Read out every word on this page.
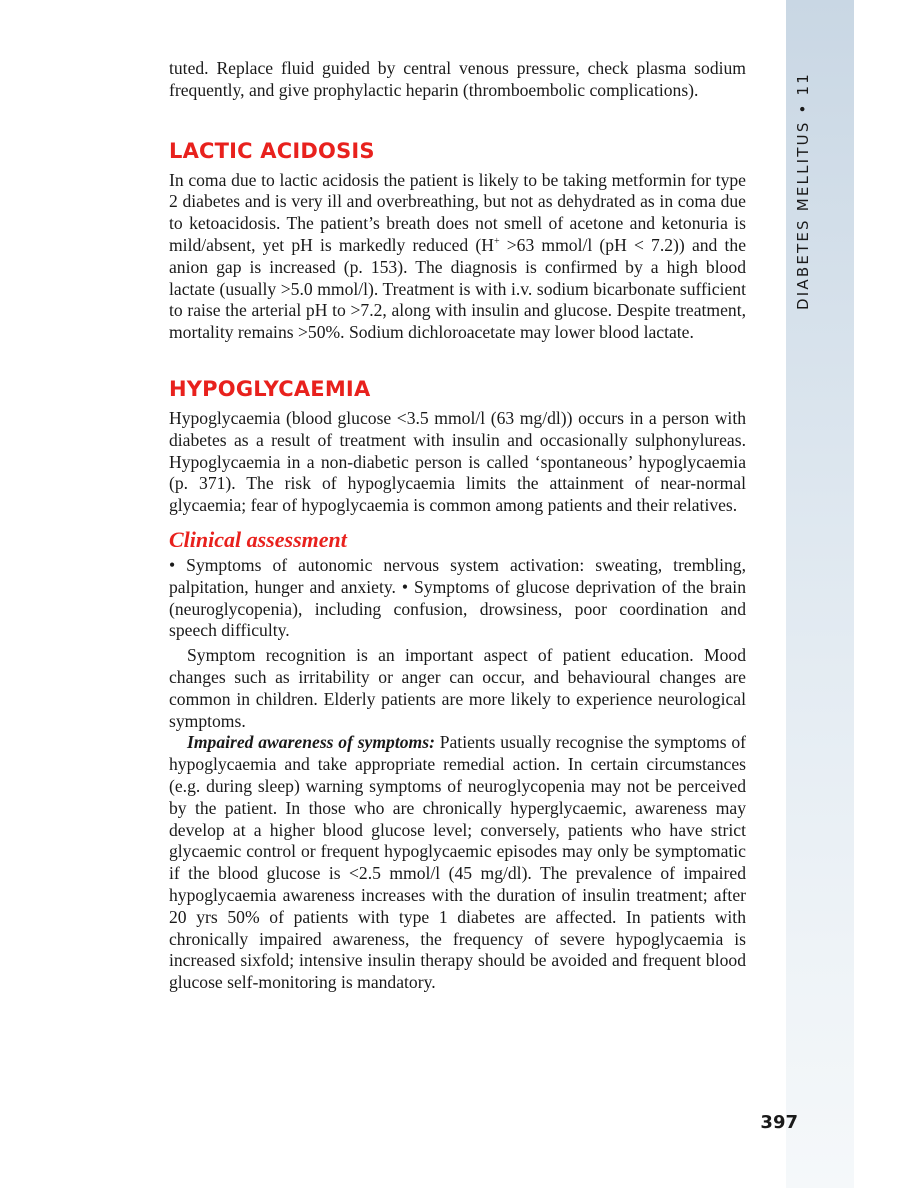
DIABETES MELLITUS • 11

tuted. Replace fluid guided by central venous pressure, check plasma sodium frequently, and give prophylactic heparin (thromboembolic complications).

LACTIC ACIDOSIS

In coma due to lactic acidosis the patient is likely to be taking metformin for type 2 diabetes and is very ill and overbreathing, but not as dehydrated as in coma due to ketoacidosis. The patient’s breath does not smell of acetone and ketonuria is mild/absent, yet pH is markedly reduced (H+ >63 mmol/l (pH < 7.2)) and the anion gap is increased (p. 153). The diagnosis is confirmed by a high blood lactate (usually >5.0 mmol/l). Treatment is with i.v. sodium bicarbonate sufficient to raise the arterial pH to >7.2, along with insulin and glucose. Despite treatment, mortality remains >50%. Sodium dichloroacetate may lower blood lactate.

HYPOGLYCAEMIA

Hypoglycaemia (blood glucose <3.5 mmol/l (63 mg/dl)) occurs in a person with diabetes as a result of treatment with insulin and occasionally sulphonylureas. Hypoglycaemia in a non-diabetic person is called ‘spontaneous’ hypoglycaemia (p. 371). The risk of hypoglycaemia limits the attainment of near-normal glycaemia; fear of hypoglycaemia is common among patients and their relatives.

Clinical assessment

• Symptoms of autonomic nervous system activation: sweating, trembling, palpitation, hunger and anxiety. • Symptoms of glucose deprivation of the brain (neuroglycopenia), including confusion, drowsiness, poor coordination and speech difficulty.

Symptom recognition is an important aspect of patient education. Mood changes such as irritability or anger can occur, and behavioural changes are common in children. Elderly patients are more likely to experience neurological symptoms.

Impaired awareness of symptoms: Patients usually recognise the symptoms of hypoglycaemia and take appropriate remedial action. In certain circumstances (e.g. during sleep) warning symptoms of neuroglycopenia may not be perceived by the patient. In those who are chronically hyperglycaemic, awareness may develop at a higher blood glucose level; conversely, patients who have strict glycaemic control or frequent hypoglycaemic episodes may only be symptomatic if the blood glucose is <2.5 mmol/l (45 mg/dl). The prevalence of impaired hypoglycaemia awareness increases with the duration of insulin treatment; after 20 yrs 50% of patients with type 1 diabetes are affected. In patients with chronically impaired awareness, the frequency of severe hypoglycaemia is increased sixfold; intensive insulin therapy should be avoided and frequent blood glucose self-monitoring is mandatory.

397
